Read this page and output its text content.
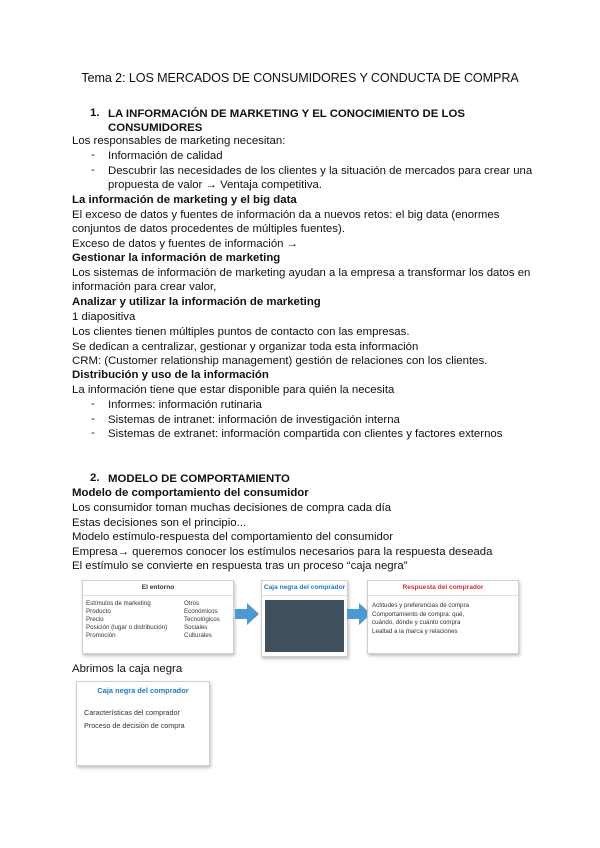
Tema 2: LOS MERCADOS DE CONSUMIDORES Y CONDUCTA DE COMPRA
1. LA INFORMACIÓN DE MARKETING Y EL CONOCIMIENTO DE LOS
CONSUMIDORES
Los responsables de marketing necesitan:
- Información de calidad
- Descubrir las necesidades de los clientes y la situación de mercados para crear una
propuesta de valor → Ventaja competitiva.
La información de marketing y el big data
El exceso de datos y fuentes de información da a nuevos retos: el big data (enormes
conjuntos de datos procedentes de múltiples fuentes).
Exceso de datos y fuentes de información →
Gestionar la información de marketing
Los sistemas de información de marketing ayudan a la empresa a transformar los datos en
información para crear valor,
Analizar y utilizar la información de marketing
1 diapositiva
Los clientes tienen múltiples puntos de contacto con las empresas.
Se dedican a centralizar, gestionar y organizar toda esta información
CRM: (Customer relationship management) gestión de relaciones con los clientes.
Distribución y uso de la información
La información tiene que estar disponible para quién la necesita
- Informes: información rutinaria
- Sistemas de intranet: información de investigación interna
- Sistemas de extranet: información compartida con clientes y factores externos
2. MODELO DE COMPORTAMIENTO
Modelo de comportamiento del consumidor
Los consumidor toman muchas decisiones de compra cada día
Estas decisiones son el principio...
Modelo estímulo-respuesta del comportamiento del consumidor
Empresa→ queremos conocer los estímulos necesarios para la respuesta deseada
El estímulo se convierte en respuesta tras un proceso “caja negra”
El entorno
Estímulos de marketing
Producto
Precio
Posición (lugar o distribución)
Promoción
Otros
Económicos
Tecnológicos
Sociales
Culturales
Caja negra del comprador	Respuesta del comprador
Actitudes y preferencias de compra
Comportamiento de compra: qué,
cuándo, dónde y cuánto compra
Lealtad a la marca y relaciones
Abrimos la caja negra
Caja negra del comprador
Características del comprador
Proceso de decisión de compra
